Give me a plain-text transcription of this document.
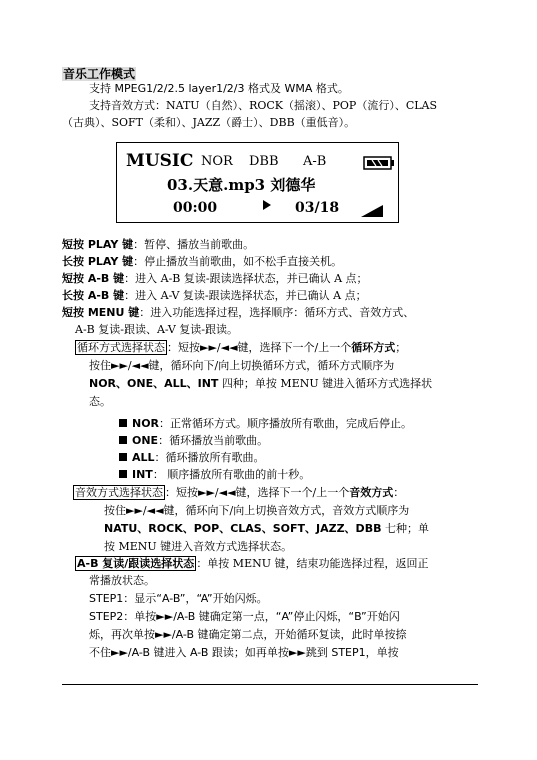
音乐工作模式
支持 MPEG1/2/2.5 layer1/2/3 格式及 WMA 格式。
支持音效方式：NATU（自然）、ROCK（摇滚）、POP（流行）、CLAS
（古典）、SOFT（柔和）、JAZZ（爵士）、DBB（重低音）。
MUSIC NOR DBB A-B
03.天意.mp3 刘德华
00:00	03/18
短按 PLAY 键：暂停、播放当前歌曲。
长按 PLAY 键：停止播放当前歌曲，如不松手直接关机。
短按 A-B 键：进入 A-B 复读-跟读选择状态，并已确认 A 点；
长按 A-B 键：进入 A-V 复读-跟读选择状态，并已确认 A 点；
短按 MENU 键：进入功能选择过程，选择顺序：循环方式、音效方式、
A-B 复读-跟读、A-V 复读-跟读。
循环方式选择状态 ：短按►►/◄◄键，选择下一个/上一个循环方式；
按住►►/◄◄键，循环向下/向上切换循环方式，循环方式顺序为
NOR、ONE、ALL、INT 四种；单按 MENU 键进入循环方式选择状
态。
NOR：正常循环方式。顺序播放所有歌曲，完成后停止。
ONE：循环播放当前歌曲。
ALL：循环播放所有歌曲。
INT： 顺序播放所有歌曲的前十秒。
音效方式选择状态 ：短按►►/◄◄键，选择下一个/上一个音效方式：
按住►►/◄◄键，循环向下/向上切换音效方式，音效方式顺序为
NATU、ROCK、POP、CLAS、SOFT、JAZZ、DBB 七种；单
按 MENU 键进入音效方式选择状态。
A-B 复读/跟读选择状态 ：单按 MENU 键，结束功能选择过程，返回正
常播放状态。
STEP1：显示“A-B”，“A”开始闪烁。
STEP2：单按►►/A-B 键确定第一点，“A”停止闪烁，“B”开始闪
烁，再次单按►►/A-B 键确定第二点，开始循环复读，此时单按捺
不住►►/A-B 键进入 A-B 跟读；如再单按►►跳到 STEP1，单按
